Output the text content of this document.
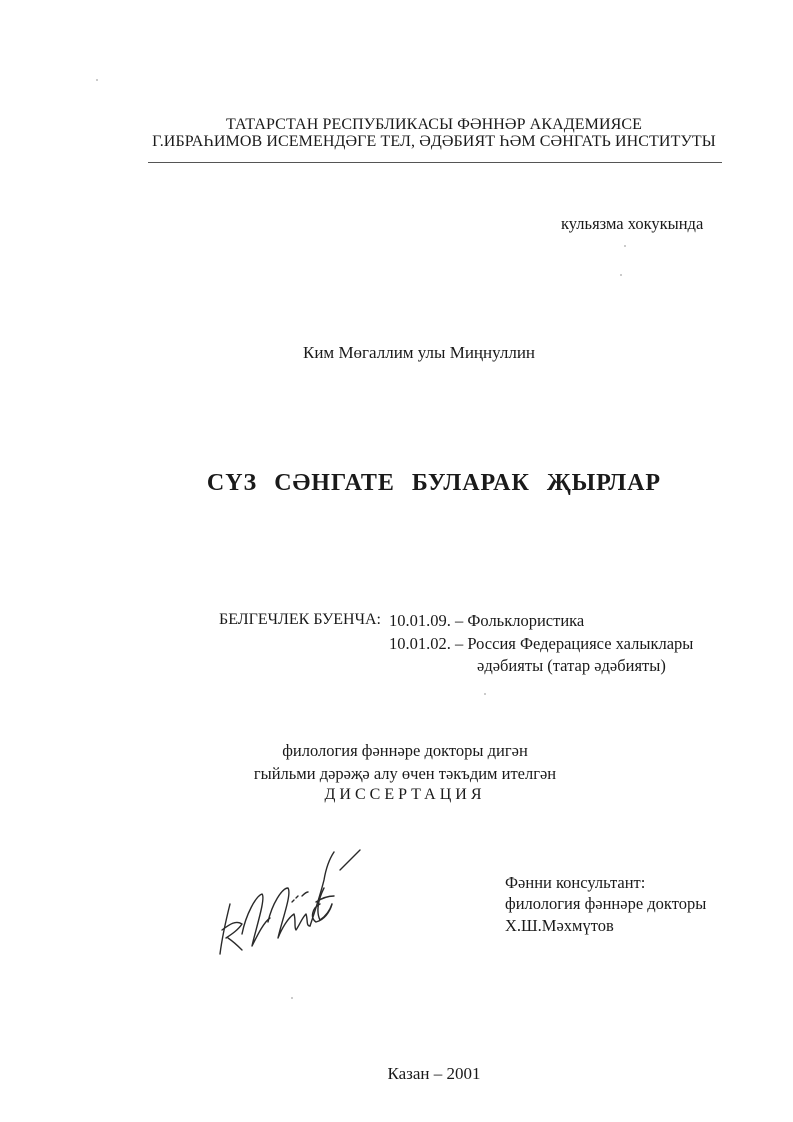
ТАТАРСТАН РЕСПУБЛИКАСЫ ФӘННӘР АКАДЕМИЯСЕ
Г.ИБРАҺИМОВ ИСЕМЕНДӘГЕ ТЕЛ, ӘДӘБИЯТ ҺӘМ СӘНГАТЬ ИНСТИТУТЫ
кульязма хокукында
Ким Мөгаллим улы Миңнуллин
СҮЗ СӘНГАТЕ БУЛАРАК ҖЫРЛАР
БЕЛГЕЧЛЕК БУЕНЧА: 10.01.09. – Фольклористика
10.01.02. – Россия Федерациясе халыклары
әдәбияты (татар әдәбияты)
филология фәннәре докторы дигән
гыйльми дәрәҗә алу өчен тәкъдим ителгән
ДИССЕРТАЦИЯ
Фәнни консультант:
филология фәннәре докторы
Х.Ш.Мәхмүтов
Казан – 2001
